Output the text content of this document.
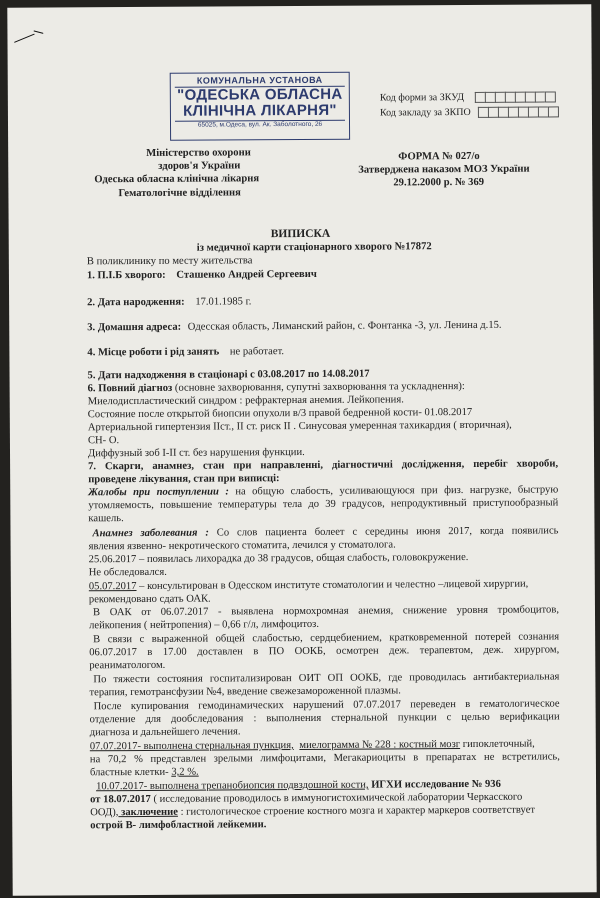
КОМУНАЛЬНА УСТАНОВА
"ОДЕСЬКА ОБЛАСНА
КЛІНІЧНА ЛІКАРНЯ"
65025, м.Одеса, вул. Ак. Заболотного, 26
Код форми за ЗКУД
Код закладу за ЗКПО
Міністерство охорони
здоров'я України
Одеська обласна клінічна лікарня
Гематологічне відділення
ФОРМА № 027/о
Затверджена наказом МОЗ України
29.12.2000 р. № 369
ВИПИСКА
із медичної карти стаціонарного хворого №17872
В поликлинику по месту жительства
1. П.І.Б хворого: Сташенко Андрей Сергеевич
2. Дата народження: 17.01.1985 г.
3. Домашня адреса: Одесская область, Лиманский район, с. Фонтанка -3, ул. Ленина д.15.
4. Місце роботи і рід занять не работает.
5. Дати надходження в стаціонарі с 03.08.2017 по 14.08.2017
6. Повний діагноз (основне захворювання, супутні захворювання та ускладнення):
Миелодиспластический синдром : рефрактерная анемия. Лейкопения.
Состояние после открытой биопсии опухоли в/3 правой бедренной кости- 01.08.2017
Артериальной гипертензия IIст., II ст. риск II . Синусовая умеренная тахикардия ( вторичная),
СН- О.
Диффузный зоб I-II ст. без нарушения функции.
7. Скарги, анамнез, стан при направленні, діагностичні дослідження, перебіг хвороби,
проведене лікування, стан при виписці:
Жалобы при поступлении : на общую слабость, усиливающуюся при физ. нагрузке, быструю
утомляемость, повышение температуры тела до 39 градусов, непродуктивный приступообразный
кашель.
Анамнез заболевания : Со слов пациента болеет с середины июня 2017, когда появились
явления язвенно- некротического стоматита, лечился у стоматолога.
25.06.2017 – появилась лихорадка до 38 градусов, общая слабость, головокружение.
Не обследовался.
05.07.2017 – консультирован в Одесском институте стоматологии и челестно –лицевой хирургии,
рекомендовано сдать ОАК.
В ОАК от 06.07.2017 - выявлена нормохромная анемия, снижение уровня тромбоцитов,
лейкопения ( нейтропения) – 0,66 г/л, лимфоцитоз.
В связи с выраженной общей слабостью, сердцебиением, кратковременной потерей сознания
06.07.2017 в 17.00 доставлен в ПО ООКБ, осмотрен деж. терапевтом, деж. хирургом,
реаниматологом.
По тяжести состояния госпитализирован ОИТ ОП ООКБ, где проводилась антибактериальная
терапия, гемотрансфузии №4, введение свежезамороженной плазмы.
После купирования гемодинамических нарушений 07.07.2017 переведен в гематологическое
отделение для дообследования : выполнения стернальной пункции с целью верификации
диагноза и дальнейшего лечения.
07.07.2017- выполнена стернальная пункция, миелограмма № 228 : костный мозг гипоклеточный,
на 70,2 % представлен зрелыми лимфоцитами, Мегакариоциты в препаратах не встретились,
бластные клетки- 3,2 %.
10.07.2017- выполнена трепанобиопсия подвздошной кости, ИГХИ исследование № 936
от 18.07.2017 ( исследование проводилось в иммуногистохимической лаборатории Черкасского
ООД), заключение : гистологическое строение костного мозга и характер маркеров соответствует
острой В- лимфобластной лейкемии.
